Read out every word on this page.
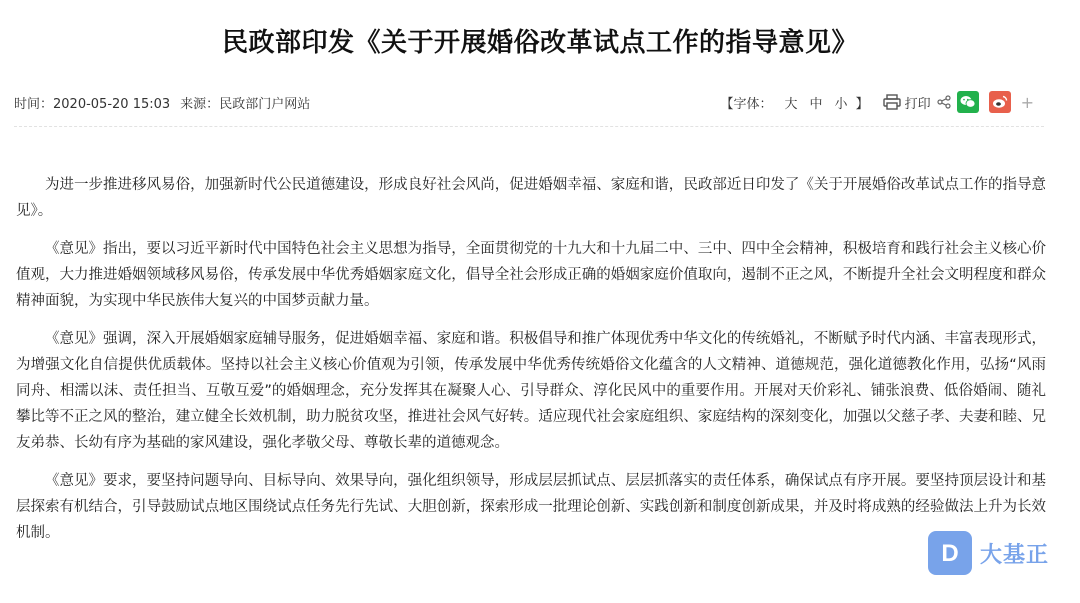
民政部印发《关于开展婚俗改革试点工作的指导意见》
时间：2020-05-20 15:03 来源：民政部门户网站	【字体： 大 中 小 】	打印	+

为进一步推进移风易俗，加强新时代公民道德建设，形成良好社会风尚，促进婚姻幸福、家庭和谐，民政部近日印发了《关于开展婚俗改革试点工作的指导意见》。

《意见》指出，要以习近平新时代中国特色社会主义思想为指导，全面贯彻党的十九大和十九届二中、三中、四中全会精神，积极培育和践行社会主义核心价值观，大力推进婚姻领域移风易俗，传承发展中华优秀婚姻家庭文化，倡导全社会形成正确的婚姻家庭价值取向，遏制不正之风，不断提升全社会文明程度和群众精神面貌，为实现中华民族伟大复兴的中国梦贡献力量。

《意见》强调，深入开展婚姻家庭辅导服务，促进婚姻幸福、家庭和谐。积极倡导和推广体现优秀中华文化的传统婚礼，不断赋予时代内涵、丰富表现形式，为增强文化自信提供优质载体。坚持以社会主义核心价值观为引领，传承发展中华优秀传统婚俗文化蕴含的人文精神、道德规范，强化道德教化作用，弘扬“风雨同舟、相濡以沫、责任担当、互敬互爱”的婚姻理念，充分发挥其在凝聚人心、引导群众、淳化民风中的重要作用。开展对天价彩礼、铺张浪费、低俗婚闹、随礼攀比等不正之风的整治，建立健全长效机制，助力脱贫攻坚，推进社会风气好转。适应现代社会家庭组织、家庭结构的深刻变化，加强以父慈子孝、夫妻和睦、兄友弟恭、长幼有序为基础的家风建设，强化孝敬父母、尊敬长辈的道德观念。

《意见》要求，要坚持问题导向、目标导向、效果导向，强化组织领导，形成层层抓试点、层层抓落实的责任体系，确保试点有序开展。要坚持顶层设计和基层探索有机结合，引导鼓励试点地区围绕试点任务先行先试、大胆创新，探索形成一批理论创新、实践创新和制度创新成果，并及时将成熟的经验做法上升为长效机制。

D 大基正
